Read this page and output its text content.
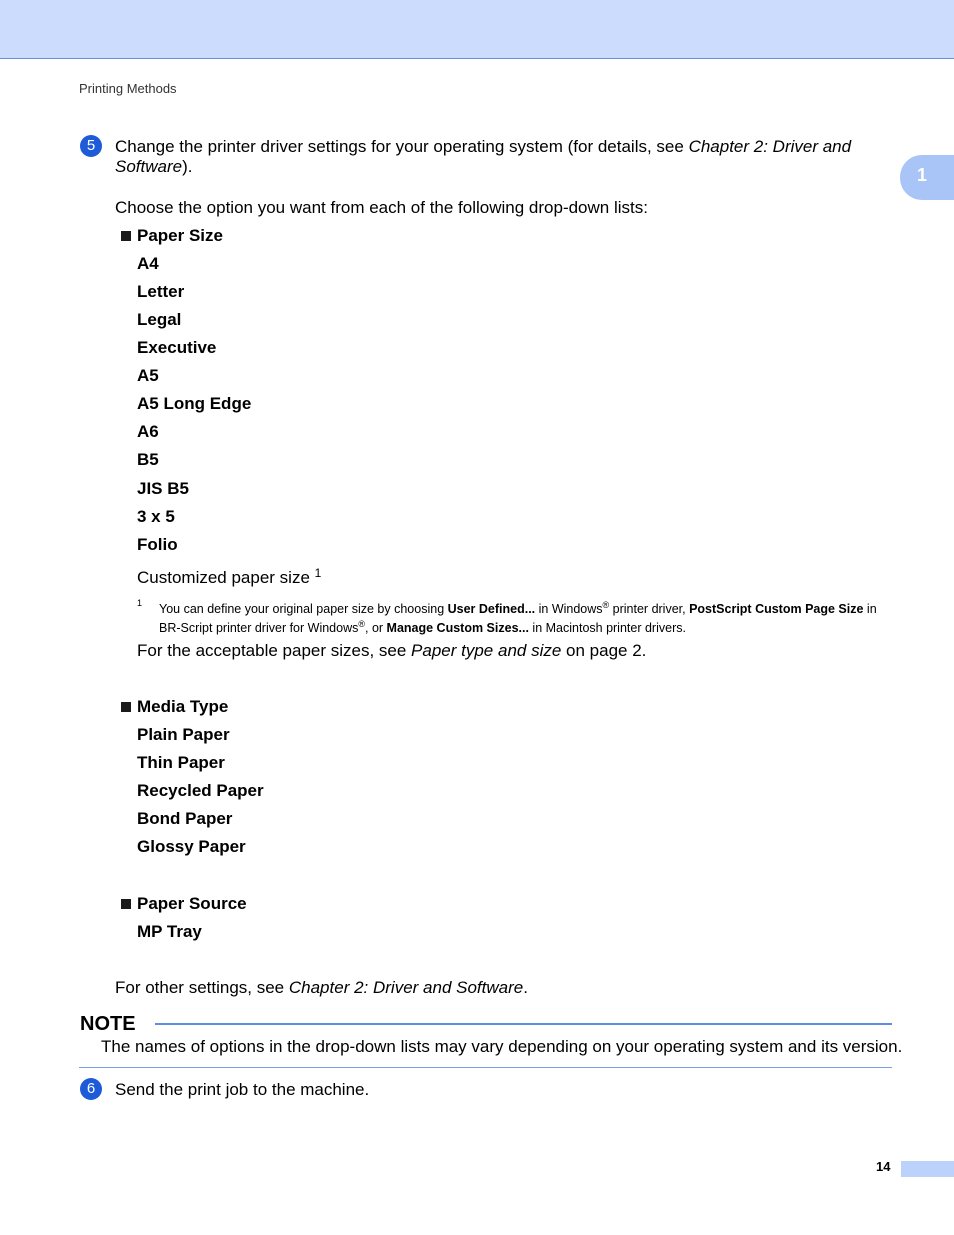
Printing Methods
1
5	Change the printer driver settings for your operating system (for details, see Chapter 2: Driver and
Software).
Choose the option you want from each of the following drop-down lists:
Paper Size
A4
Letter
Legal
Executive
A5
A5 Long Edge
A6
B5
JIS B5
3 x 5
Folio
Customized paper size $^1$
1 You can define your original paper size by choosing User Defined... in Windows® printer driver, PostScript Custom Page Size in
BR-Script printer driver for Windows®, or Manage Custom Sizes... in Macintosh printer drivers.
For the acceptable paper sizes, see Paper type and size on page 2.
Media Type
Plain Paper
Thin Paper
Recycled Paper
Bond Paper
Glossy Paper
Paper Source
MP Tray
For other settings, see Chapter 2: Driver and Software.
NOTE
The names of options in the drop-down lists may vary depending on your operating system and its version.
6	Send the print job to the machine.
14
